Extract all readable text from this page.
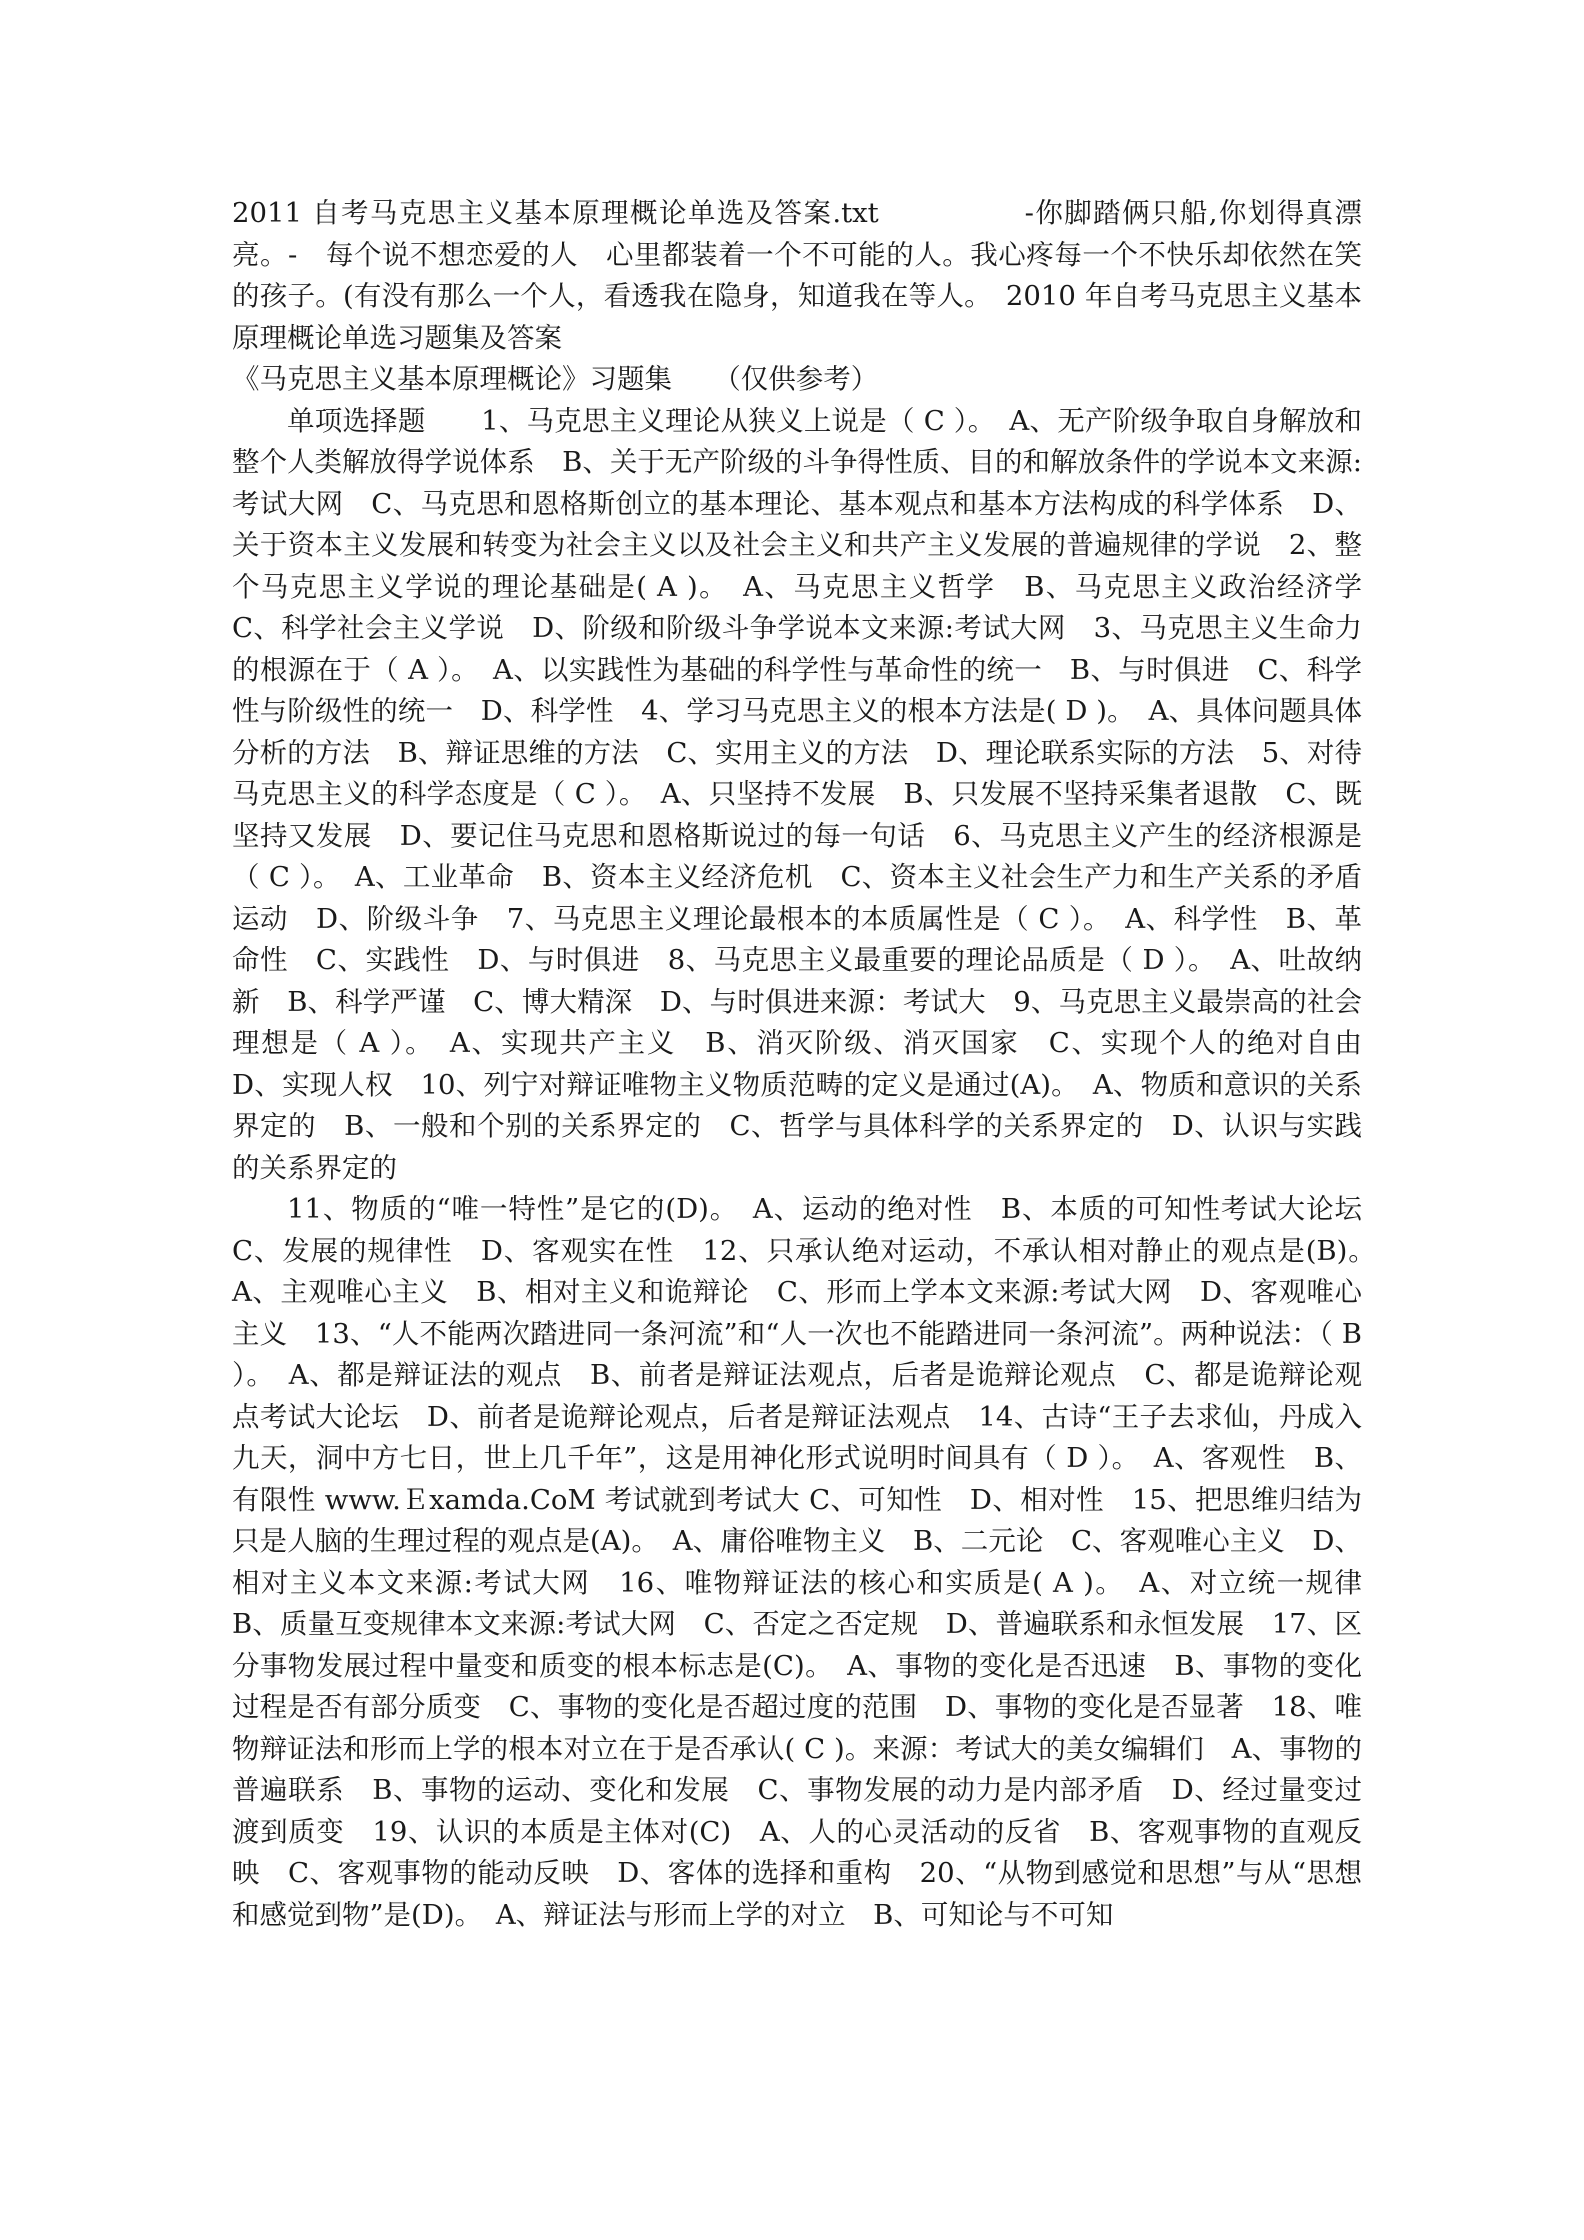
2011 自考马克思主义基本原理概论单选及答案.txt　　　　　-你脚踏俩只船,你划得真漂亮。-　每个说不想恋爱的人　心里都装着一个不可能的人。我心疼每一个不快乐却依然在笑的孩子。(有没有那么一个人，看透我在隐身，知道我在等人。　2010 年自考马克思主义基本原理概论单选习题集及答案

《马克思主义基本原理概论》习题集　　（仅供参考）

单项选择题　　1、马克思主义理论从狭义上说是（ C ）。　A、无产阶级争取自身解放和整个人类解放得学说体系　B、关于无产阶级的斗争得性质、目的和解放条件的学说本文来源:考试大网　C、马克思和恩格斯创立的基本理论、基本观点和基本方法构成的科学体系　D、关于资本主义发展和转变为社会主义以及社会主义和共产主义发展的普遍规律的学说　2、整个马克思主义学说的理论基础是( A )。　A、马克思主义哲学　B、马克思主义政治经济学　C、科学社会主义学说　D、阶级和阶级斗争学说本文来源:考试大网　3、马克思主义生命力的根源在于（ A ）。　A、以实践性为基础的科学性与革命性的统一　B、与时俱进　C、科学性与阶级性的统一　D、科学性　4、学习马克思主义的根本方法是( D )。　A、具体问题具体分析的方法　B、辩证思维的方法　C、实用主义的方法　D、理论联系实际的方法　5、对待马克思主义的科学态度是（ C ）。　A、只坚持不发展　B、只发展不坚持采集者退散　C、既坚持又发展　D、要记住马克思和恩格斯说过的每一句话　6、马克思主义产生的经济根源是（ C ）。　A、工业革命　B、资本主义经济危机　C、资本主义社会生产力和生产关系的矛盾运动　D、阶级斗争　7、马克思主义理论最根本的本质属性是（ C ）。　A、科学性　B、革命性　C、实践性　D、与时俱进　8、马克思主义最重要的理论品质是（ D ）。　A、吐故纳新　B、科学严谨　C、博大精深　D、与时俱进来源：考试大　9、马克思主义最崇高的社会理想是（ A ）。　A、实现共产主义　B、消灭阶级、消灭国家　C、实现个人的绝对自由　D、实现人权　10、列宁对辩证唯物主义物质范畴的定义是通过(A)。　A、物质和意识的关系界定的　B、一般和个别的关系界定的　C、哲学与具体科学的关系界定的　D、认识与实践的关系界定的

11、物质的“唯一特性”是它的(D)。　A、运动的绝对性　B、本质的可知性考试大论坛　C、发展的规律性　D、客观实在性　12、只承认绝对运动，不承认相对静止的观点是(B)。　A、主观唯心主义　B、相对主义和诡辩论　C、形而上学本文来源:考试大网　D、客观唯心主义　13、“人不能两次踏进同一条河流”和“人一次也不能踏进同一条河流”。两种说法：（ B ）。　A、都是辩证法的观点　B、前者是辩证法观点，后者是诡辩论观点　C、都是诡辩论观点考试大论坛　D、前者是诡辩论观点，后者是辩证法观点　14、古诗“王子去求仙，丹成入九天，洞中方七日，世上几千年”，这是用神化形式说明时间具有（ D ）。　A、客观性　B、有限性 www.Ｅxamda.CoM 考试就到考试大 C、可知性　D、相对性　15、把思维归结为只是人脑的生理过程的观点是(A)。　A、庸俗唯物主义　B、二元论　C、客观唯心主义　D、相对主义本文来源:考试大网　16、唯物辩证法的核心和实质是( A )。　A、对立统一规律　B、质量互变规律本文来源:考试大网　C、否定之否定规　D、普遍联系和永恒发展　17、区分事物发展过程中量变和质变的根本标志是(C)。　A、事物的变化是否迅速　B、事物的变化过程是否有部分质变　C、事物的变化是否超过度的范围　D、事物的变化是否显著　18、唯物辩证法和形而上学的根本对立在于是否承认( C )。来源：考试大的美女编辑们　A、事物的普遍联系　B、事物的运动、变化和发展　C、事物发展的动力是内部矛盾　D、经过量变过渡到质变　19、认识的本质是主体对(C)　A、人的心灵活动的反省　B、客观事物的直观反映　C、客观事物的能动反映　D、客体的选择和重构　20、“从物到感觉和思想”与从“思想和感觉到物”是(D)。　A、辩证法与形而上学的对立　B、可知论与不可知
